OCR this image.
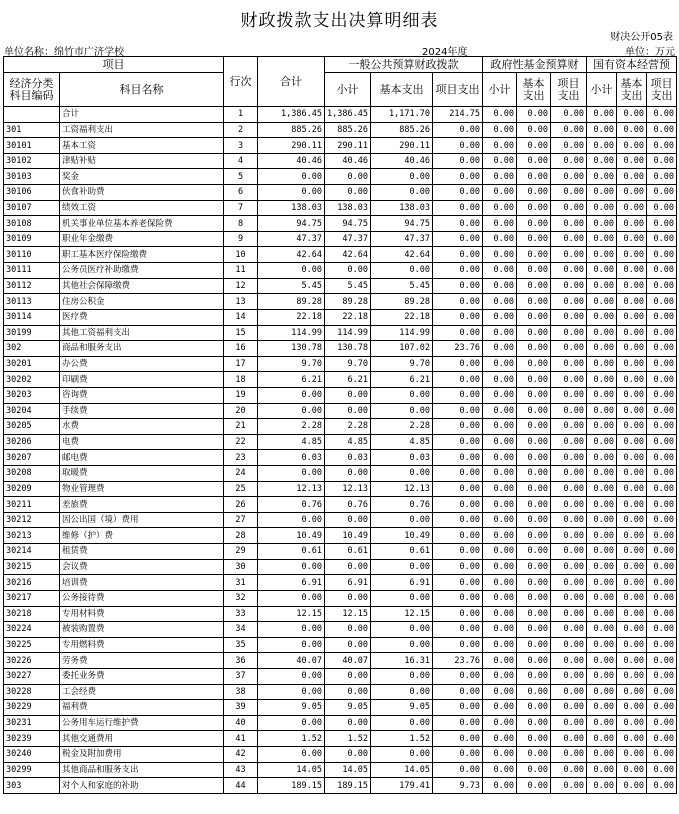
财政拨款支出决算明细表
财决公开05表
单位名称：绵竹市广济学校	2024年度	单位：万元
项目		行次	合计	一般公共预算财政拨款			政府性基金预算财			国有资本经营预		
经济分类科目编码	科目名称			小计	基本支出	项目支出	小计	基本支出	项目支出	小计	基本支出	项目支出
	合计	1	1,386.45	1,386.45	1,171.70	214.75	0.00	0.00	0.00	0.00	0.00	0.00
301	工资福利支出	2	885.26	885.26	885.26	0.00	0.00	0.00	0.00	0.00	0.00	0.00
30101	基本工资	3	290.11	290.11	290.11	0.00	0.00	0.00	0.00	0.00	0.00	0.00
30102	津贴补贴	4	40.46	40.46	40.46	0.00	0.00	0.00	0.00	0.00	0.00	0.00
30103	奖金	5	0.00	0.00	0.00	0.00	0.00	0.00	0.00	0.00	0.00	0.00
30106	伙食补助费	6	0.00	0.00	0.00	0.00	0.00	0.00	0.00	0.00	0.00	0.00
30107	绩效工资	7	138.03	138.03	138.03	0.00	0.00	0.00	0.00	0.00	0.00	0.00
30108	机关事业单位基本养老保险费	8	94.75	94.75	94.75	0.00	0.00	0.00	0.00	0.00	0.00	0.00
30109	职业年金缴费	9	47.37	47.37	47.37	0.00	0.00	0.00	0.00	0.00	0.00	0.00
30110	职工基本医疗保险缴费	10	42.64	42.64	42.64	0.00	0.00	0.00	0.00	0.00	0.00	0.00
30111	公务员医疗补助缴费	11	0.00	0.00	0.00	0.00	0.00	0.00	0.00	0.00	0.00	0.00
30112	其他社会保障缴费	12	5.45	5.45	5.45	0.00	0.00	0.00	0.00	0.00	0.00	0.00
30113	住房公积金	13	89.28	89.28	89.28	0.00	0.00	0.00	0.00	0.00	0.00	0.00
30114	医疗费	14	22.18	22.18	22.18	0.00	0.00	0.00	0.00	0.00	0.00	0.00
30199	其他工资福利支出	15	114.99	114.99	114.99	0.00	0.00	0.00	0.00	0.00	0.00	0.00
302	商品和服务支出	16	130.78	130.78	107.02	23.76	0.00	0.00	0.00	0.00	0.00	0.00
30201	办公费	17	9.70	9.70	9.70	0.00	0.00	0.00	0.00	0.00	0.00	0.00
30202	印刷费	18	6.21	6.21	6.21	0.00	0.00	0.00	0.00	0.00	0.00	0.00
30203	咨询费	19	0.00	0.00	0.00	0.00	0.00	0.00	0.00	0.00	0.00	0.00
30204	手续费	20	0.00	0.00	0.00	0.00	0.00	0.00	0.00	0.00	0.00	0.00
30205	水费	21	2.28	2.28	2.28	0.00	0.00	0.00	0.00	0.00	0.00	0.00
30206	电费	22	4.85	4.85	4.85	0.00	0.00	0.00	0.00	0.00	0.00	0.00
30207	邮电费	23	0.03	0.03	0.03	0.00	0.00	0.00	0.00	0.00	0.00	0.00
30208	取暖费	24	0.00	0.00	0.00	0.00	0.00	0.00	0.00	0.00	0.00	0.00
30209	物业管理费	25	12.13	12.13	12.13	0.00	0.00	0.00	0.00	0.00	0.00	0.00
30211	差旅费	26	0.76	0.76	0.76	0.00	0.00	0.00	0.00	0.00	0.00	0.00
30212	因公出国（境）费用	27	0.00	0.00	0.00	0.00	0.00	0.00	0.00	0.00	0.00	0.00
30213	维修（护）费	28	10.49	10.49	10.49	0.00	0.00	0.00	0.00	0.00	0.00	0.00
30214	租赁费	29	0.61	0.61	0.61	0.00	0.00	0.00	0.00	0.00	0.00	0.00
30215	会议费	30	0.00	0.00	0.00	0.00	0.00	0.00	0.00	0.00	0.00	0.00
30216	培训费	31	6.91	6.91	6.91	0.00	0.00	0.00	0.00	0.00	0.00	0.00
30217	公务接待费	32	0.00	0.00	0.00	0.00	0.00	0.00	0.00	0.00	0.00	0.00
30218	专用材料费	33	12.15	12.15	12.15	0.00	0.00	0.00	0.00	0.00	0.00	0.00
30224	被装购置费	34	0.00	0.00	0.00	0.00	0.00	0.00	0.00	0.00	0.00	0.00
30225	专用燃料费	35	0.00	0.00	0.00	0.00	0.00	0.00	0.00	0.00	0.00	0.00
30226	劳务费	36	40.07	40.07	16.31	23.76	0.00	0.00	0.00	0.00	0.00	0.00
30227	委托业务费	37	0.00	0.00	0.00	0.00	0.00	0.00	0.00	0.00	0.00	0.00
30228	工会经费	38	0.00	0.00	0.00	0.00	0.00	0.00	0.00	0.00	0.00	0.00
30229	福利费	39	9.05	9.05	9.05	0.00	0.00	0.00	0.00	0.00	0.00	0.00
30231	公务用车运行维护费	40	0.00	0.00	0.00	0.00	0.00	0.00	0.00	0.00	0.00	0.00
30239	其他交通费用	41	1.52	1.52	1.52	0.00	0.00	0.00	0.00	0.00	0.00	0.00
30240	税金及附加费用	42	0.00	0.00	0.00	0.00	0.00	0.00	0.00	0.00	0.00	0.00
30299	其他商品和服务支出	43	14.05	14.05	14.05	0.00	0.00	0.00	0.00	0.00	0.00	0.00
303	对个人和家庭的补助	44	189.15	189.15	179.41	9.73	0.00	0.00	0.00	0.00	0.00	0.00
